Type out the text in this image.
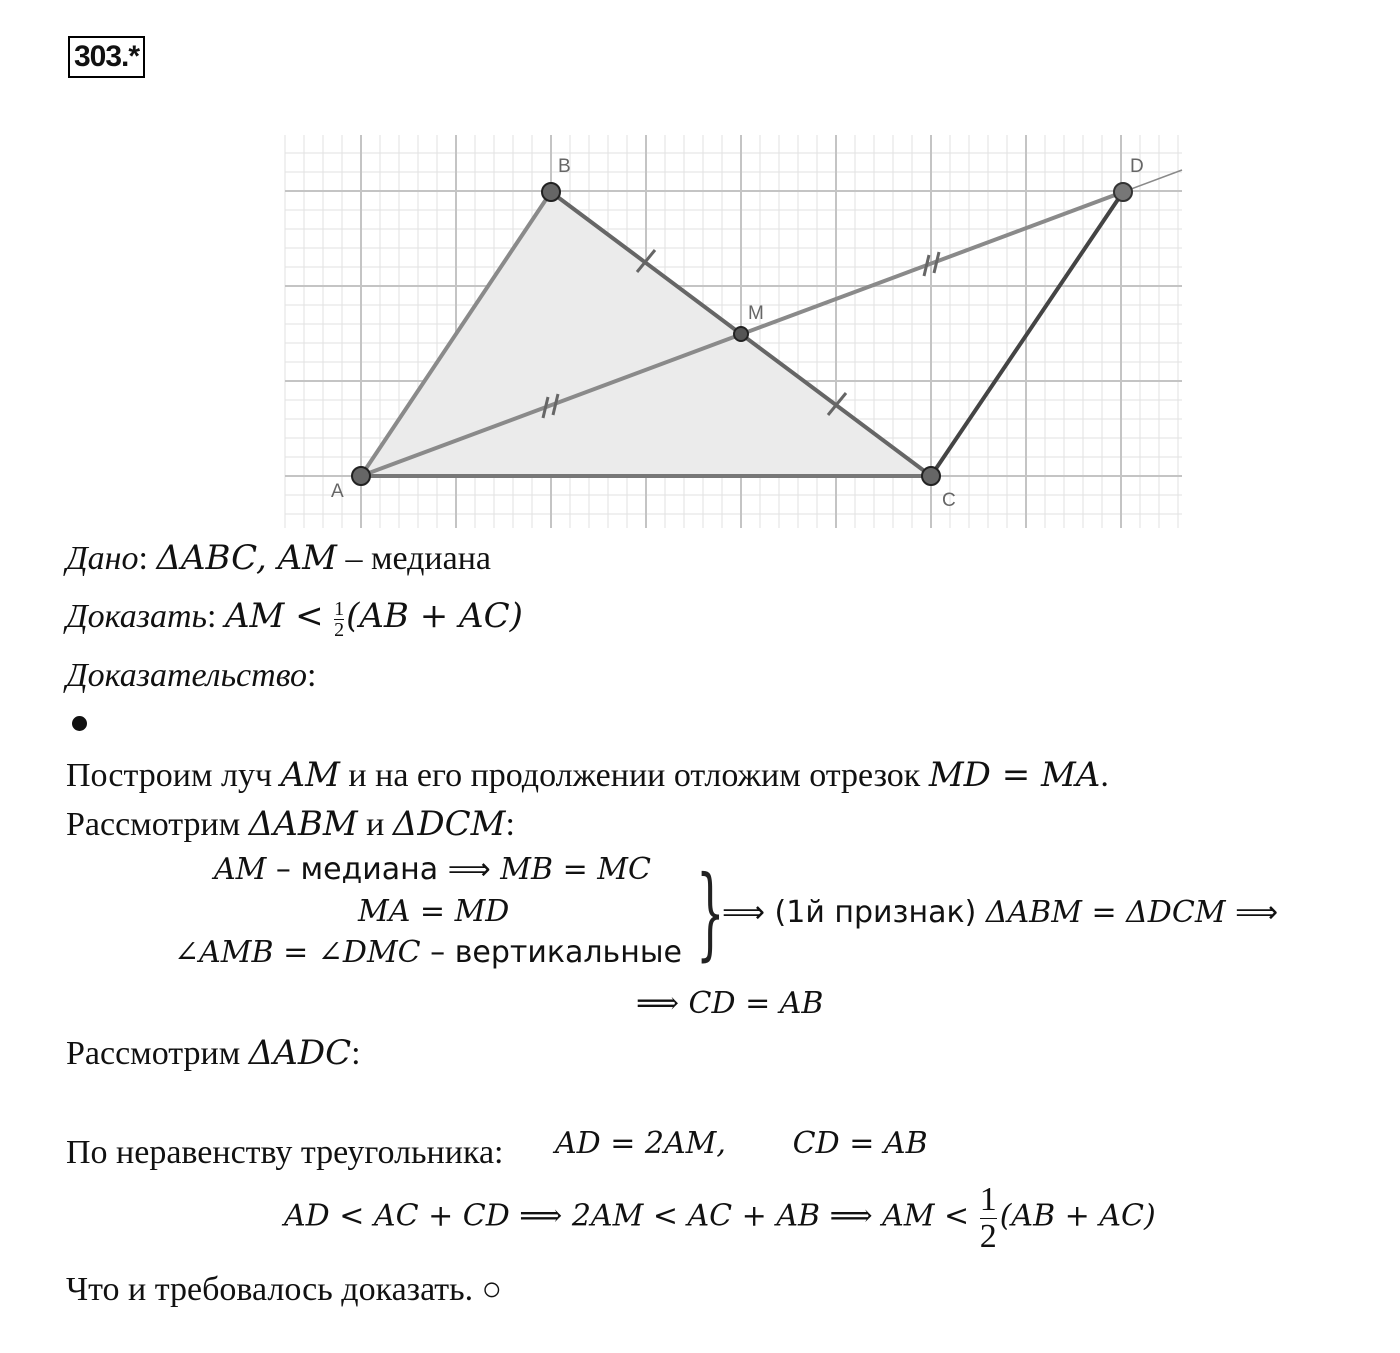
303.*
A
B
C
D
M
Дано: ΔABC, AM – медиана
Доказать: AM < $\frac{1}{2} (AB + AC)$
Доказательство:
Построим луч AM и на его продолжении отложим отрезок MD = MA.
Рассмотрим ΔABM и ΔDCM:
AM – медиана ⟹ MB = MC
MA = MD
∠AMB = ∠DMC – вертикальные }
⟹ (1й признак) ΔABM = ΔDCM ⟹
⟹ CD = AB
Рассмотрим ΔADC:

AD = 2AM,       CD = AB

По неравенству треугольника:
AD < AC + CD ⟹ 2AM < AC + AB ⟹ AM < $\frac{1}{2} (AB + AC)$
Что и требовалось доказать. ○
